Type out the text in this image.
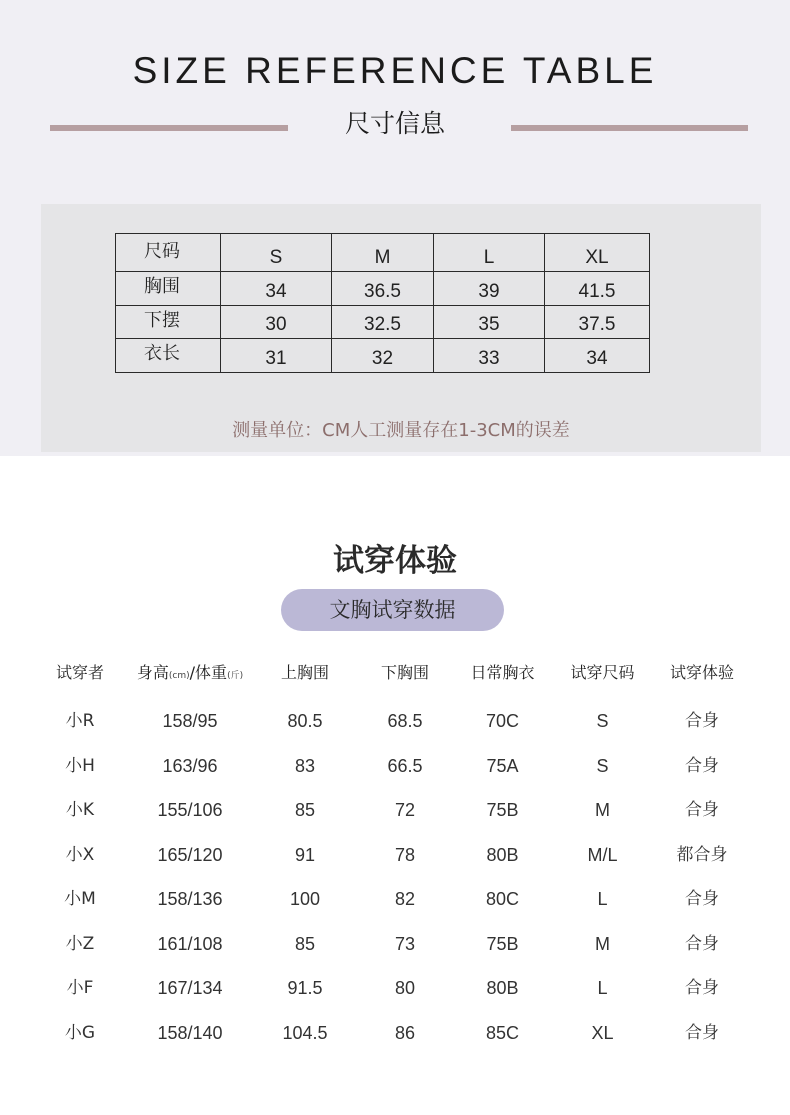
SIZE REFERENCE TABLE
尺寸信息
尺码	S	M	L	XL
胸围	34	36.5	39	41.5
下摆	30	32.5	35	37.5
衣长	31	32	33	34
测量单位：CM人工测量存在1-3CM的误差
试穿体验
文胸试穿数据
试穿者	身高(cm)/体重(斤)	上胸围	下胸围	日常胸衣	试穿尺码	试穿体验
小R	158/95	80.5	68.5	70C	S	合身
小H	163/96	83	66.5	75A	S	合身
小K	155/106	85	72	75B	M	合身
小X	165/120	91	78	80B	M/L	都合身
小M	158/136	100	82	80C	L	合身
小Z	161/108	85	73	75B	M	合身
小F	167/134	91.5	80	80B	L	合身
小G	158/140	104.5	86	85C	XL	合身
